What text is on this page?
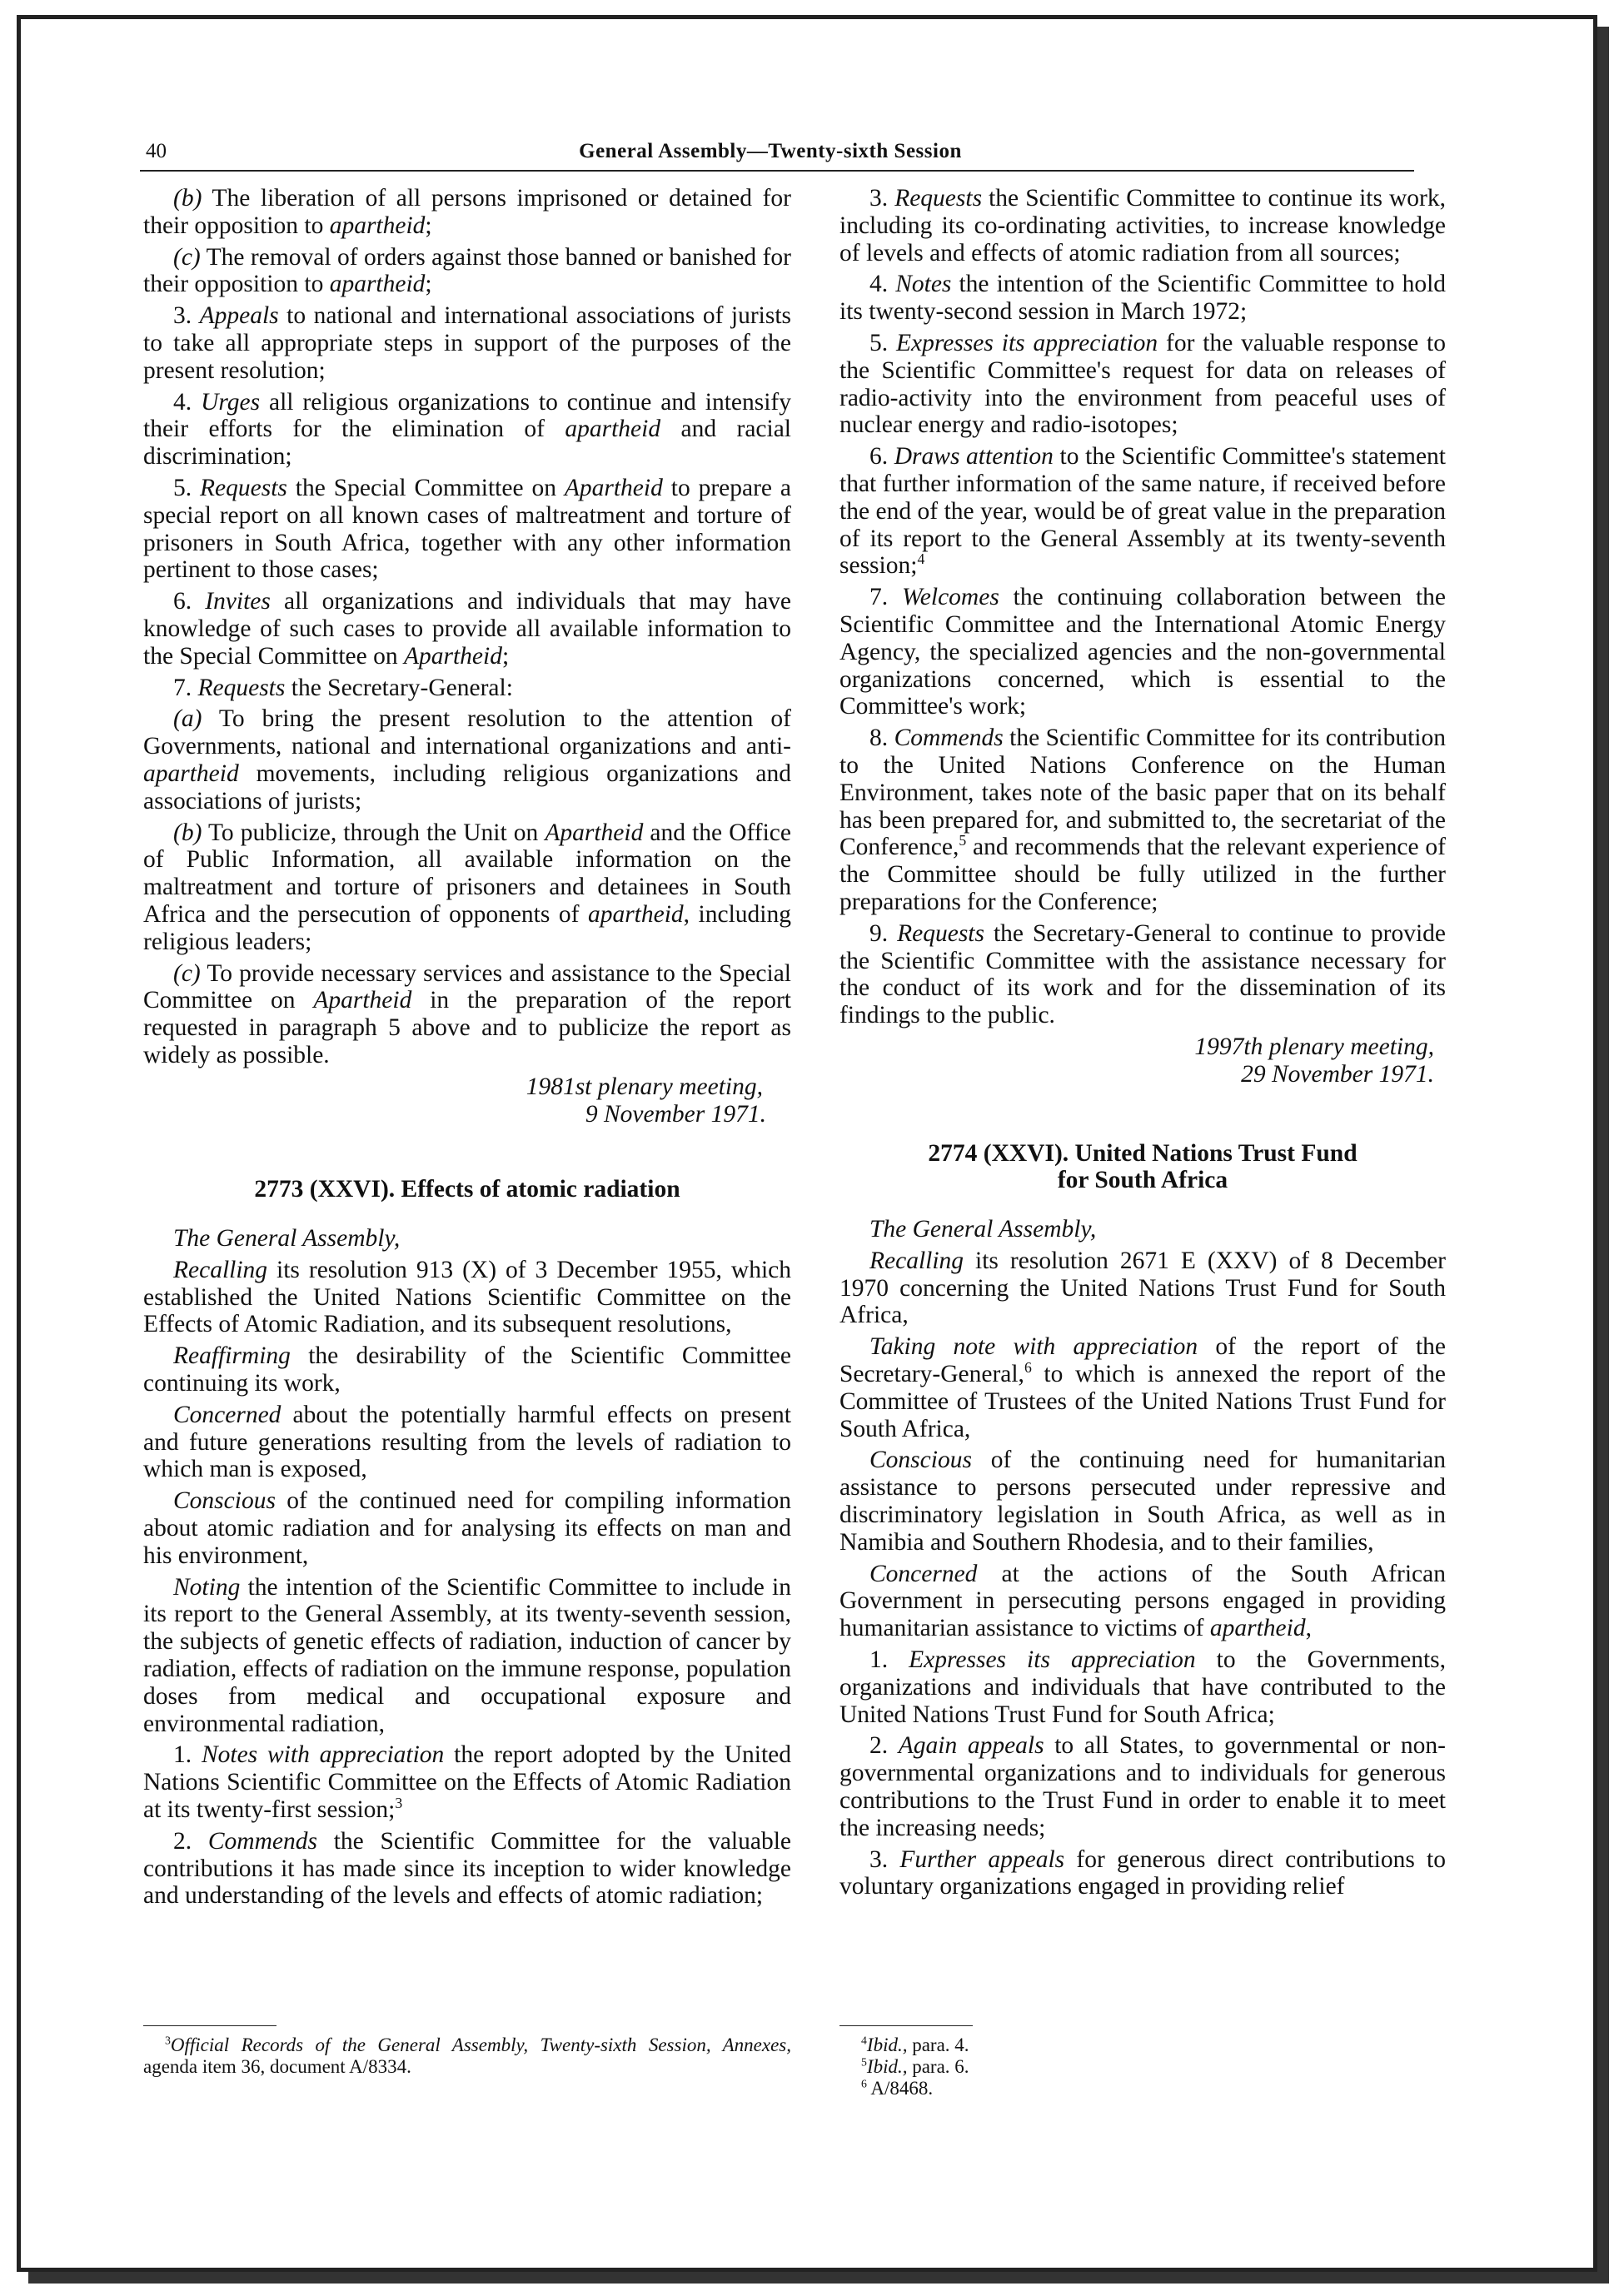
40	General Assembly—Twenty-sixth Session

(b) The liberation of all persons imprisoned or detained for their opposition to apartheid;

(c) The removal of orders against those banned or banished for their opposition to apartheid;

3. Appeals to national and international associations of jurists to take all appropriate steps in support of the purposes of the present resolution;

4. Urges all religious organizations to continue and intensify their efforts for the elimination of apartheid and racial discrimination;

5. Requests the Special Committee on Apartheid to prepare a special report on all known cases of maltreatment and torture of prisoners in South Africa, together with any other information pertinent to those cases;

6. Invites all organizations and individuals that may have knowledge of such cases to provide all available information to the Special Committee on Apartheid;

7. Requests the Secretary-General:

(a) To bring the present resolution to the attention of Governments, national and international organizations and anti-apartheid movements, including religious organizations and associations of jurists;

(b) To publicize, through the Unit on Apartheid and the Office of Public Information, all available information on the maltreatment and torture of prisoners and detainees in South Africa and the persecution of opponents of apartheid, including religious leaders;

(c) To provide necessary services and assistance to the Special Committee on Apartheid in the preparation of the report requested in paragraph 5 above and to publicize the report as widely as possible.

1981st plenary meeting,

9 November 1971.

2773 (XXVI). Effects of atomic radiation

The General Assembly,

Recalling its resolution 913 (X) of 3 December 1955, which established the United Nations Scientific Committee on the Effects of Atomic Radiation, and its subsequent resolutions,

Reaffirming the desirability of the Scientific Committee continuing its work,

Concerned about the potentially harmful effects on present and future generations resulting from the levels of radiation to which man is exposed,

Conscious of the continued need for compiling information about atomic radiation and for analysing its effects on man and his environment,

Noting the intention of the Scientific Committee to include in its report to the General Assembly, at its twenty-seventh session, the subjects of genetic effects of radiation, induction of cancer by radiation, effects of radiation on the immune response, population doses from medical and occupational exposure and environmental radiation,

1. Notes with appreciation the report adopted by the United Nations Scientific Committee on the Effects of Atomic Radiation at its twenty-first session;$^3$

2. Commends the Scientific Committee for the valuable contributions it has made since its inception to wider knowledge and understanding of the levels and effects of atomic radiation;

$^3$Official Records of the General Assembly, Twenty-sixth Session, Annexes, agenda item 36, document A/8334.

3. Requests the Scientific Committee to continue its work, including its co-ordinating activities, to increase knowledge of levels and effects of atomic radiation from all sources;

4. Notes the intention of the Scientific Committee to hold its twenty-second session in March 1972;

5. Expresses its appreciation for the valuable response to the Scientific Committee's request for data on releases of radio-activity into the environment from peaceful uses of nuclear energy and radio-isotopes;

6. Draws attention to the Scientific Committee's statement that further information of the same nature, if received before the end of the year, would be of great value in the preparation of its report to the General Assembly at its twenty-seventh session;$^4$

7. Welcomes the continuing collaboration between the Scientific Committee and the International Atomic Energy Agency, the specialized agencies and the non-governmental organizations concerned, which is essential to the Committee's work;

8. Commends the Scientific Committee for its contribution to the United Nations Conference on the Human Environment, takes note of the basic paper that on its behalf has been prepared for, and submitted to, the secretariat of the Conference,$^5$ and recommends that the relevant experience of the Committee should be fully utilized in the further preparations for the Conference;

9. Requests the Secretary-General to continue to provide the Scientific Committee with the assistance necessary for the conduct of its work and for the dissemination of its findings to the public.

1997th plenary meeting,

29 November 1971.

2774 (XXVI). United Nations Trust Fund

for South Africa

The General Assembly,

Recalling its resolution 2671 E (XXV) of 8 December 1970 concerning the United Nations Trust Fund for South Africa,

Taking note with appreciation of the report of the Secretary-General,$^6$ to which is annexed the report of the Committee of Trustees of the United Nations Trust Fund for South Africa,

Conscious of the continuing need for humanitarian assistance to persons persecuted under repressive and discriminatory legislation in South Africa, as well as in Namibia and Southern Rhodesia, and to their families,

Concerned at the actions of the South African Government in persecuting persons engaged in providing humanitarian assistance to victims of apartheid,

1. Expresses its appreciation to the Governments, organizations and individuals that have contributed to the United Nations Trust Fund for South Africa;

2. Again appeals to all States, to governmental or non-governmental organizations and to individuals for generous contributions to the Trust Fund in order to enable it to meet the increasing needs;

3. Further appeals for generous direct contributions to voluntary organizations engaged in providing relief

$^4$Ibid., para. 4.

$^5$Ibid., para. 6.

$^6$ A/8468.
